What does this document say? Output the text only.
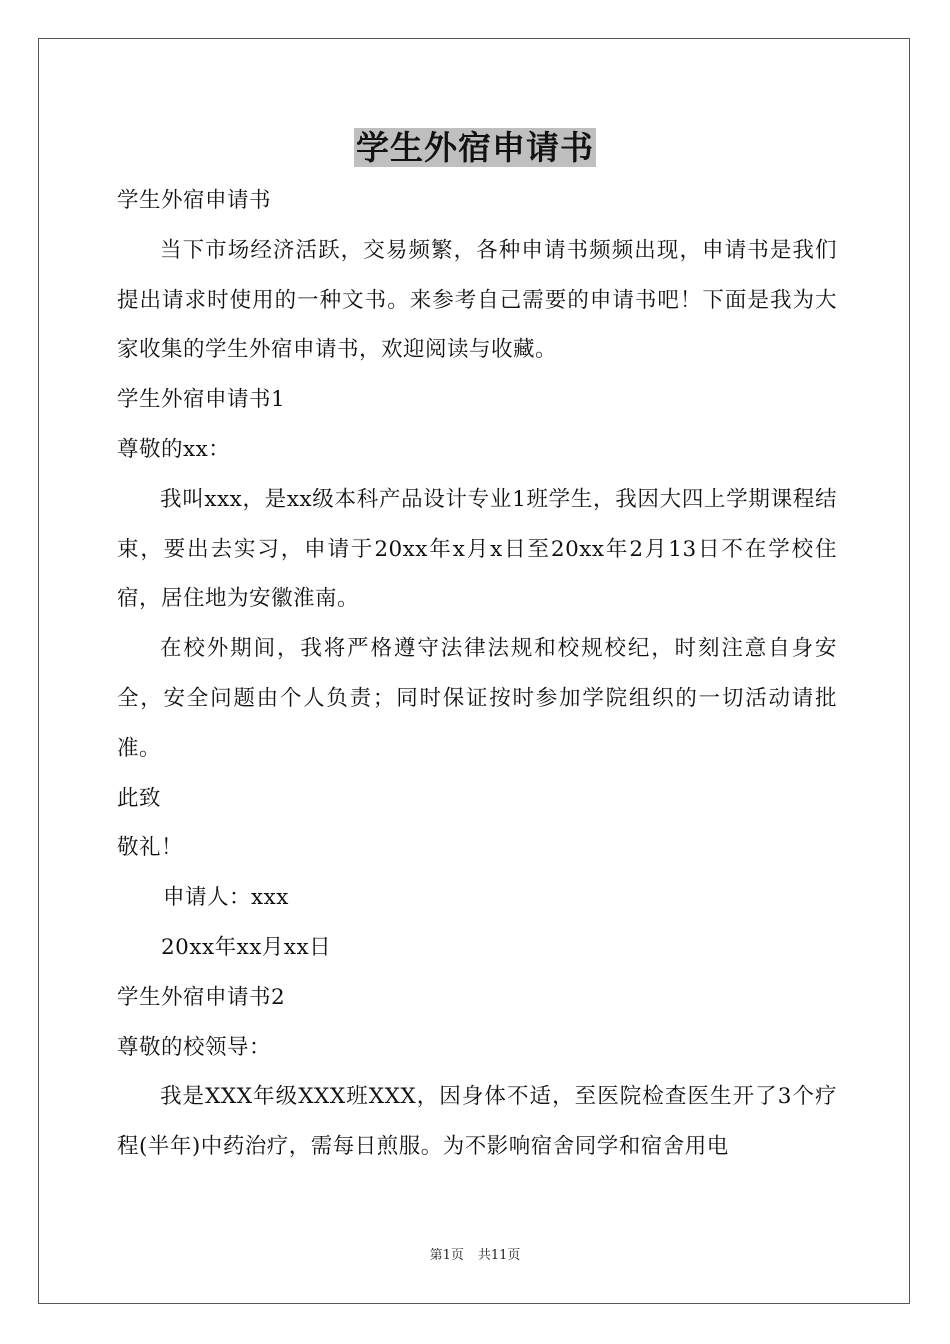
学生外宿申请书

学生外宿申请书

当下市场经济活跃，交易频繁，各种申请书频频出现，申请书是我们提出请求时使用的一种文书。来参考自己需要的申请书吧！下面是我为大家收集的学生外宿申请书，欢迎阅读与收藏。

学生外宿申请书1

尊敬的xx：

我叫xxx，是xx级本科产品设计专业1班学生，我因大四上学期课程结束，要出去实习，申请于20xx年x月x日至20xx年2月13日不在学校住宿，居住地为安徽淮南。

在校外期间，我将严格遵守法律法规和校规校纪，时刻注意自身安全，安全问题由个人负责；同时保证按时参加学院组织的一切活动请批准。

此致

敬礼！

申请人：xxx

20xx年xx月xx日

学生外宿申请书2

尊敬的校领导：

我是XXX年级XXX班XXX，因身体不适，至医院检查医生开了3个疗程(半年)中药治疗，需每日煎服。为不影响宿舍同学和宿舍用电

第1页 共11页
